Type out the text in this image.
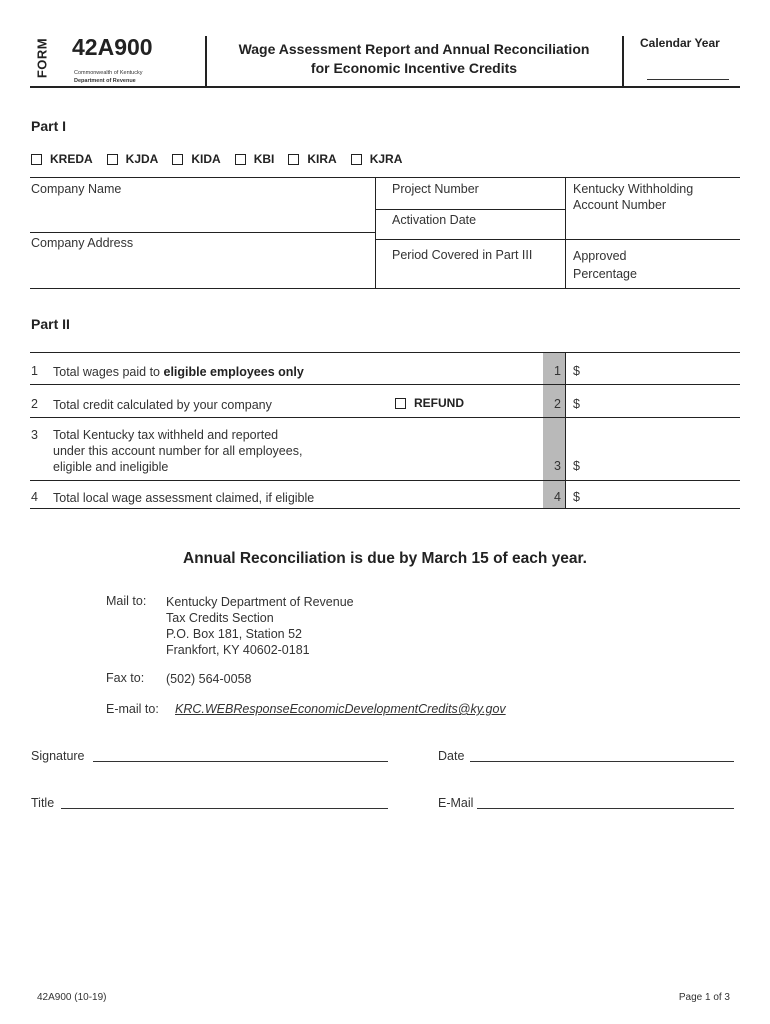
FORM 42A900
Commonwealth of Kentucky
Department of Revenue
Wage Assessment Report and Annual Reconciliation
for Economic Incentive Credits
Calendar Year
Part I
KREDA	KJDA	KIDA	KBI	KIRA	KJRA
Company Name	Project Number	Kentucky Withholding
Account Number
Activation Date
Company Address
Period Covered in Part III	Approved
Percentage
Part II
1 Total wages paid to eligible employees only	1 $
2 Total credit calculated by your company	REFUND	2 $
3 Total Kentucky tax withheld and reported
under this account number for all employees,
eligible and ineligible	3 $
4 Total local wage assessment claimed, if eligible	4 $
Annual Reconciliation is due by March 15 of each year.
Mail to: Kentucky Department of Revenue
Tax Credits Section
P.O. Box 181, Station 52
Frankfort, KY 40602-0181
Fax to: (502) 564-0058
E-mail to: KRC.WEBResponseEconomicDevelopmentCredits@ky.gov
Signature	Date
Title	E-Mail
42A900 (10-19)	Page 1 of 3
